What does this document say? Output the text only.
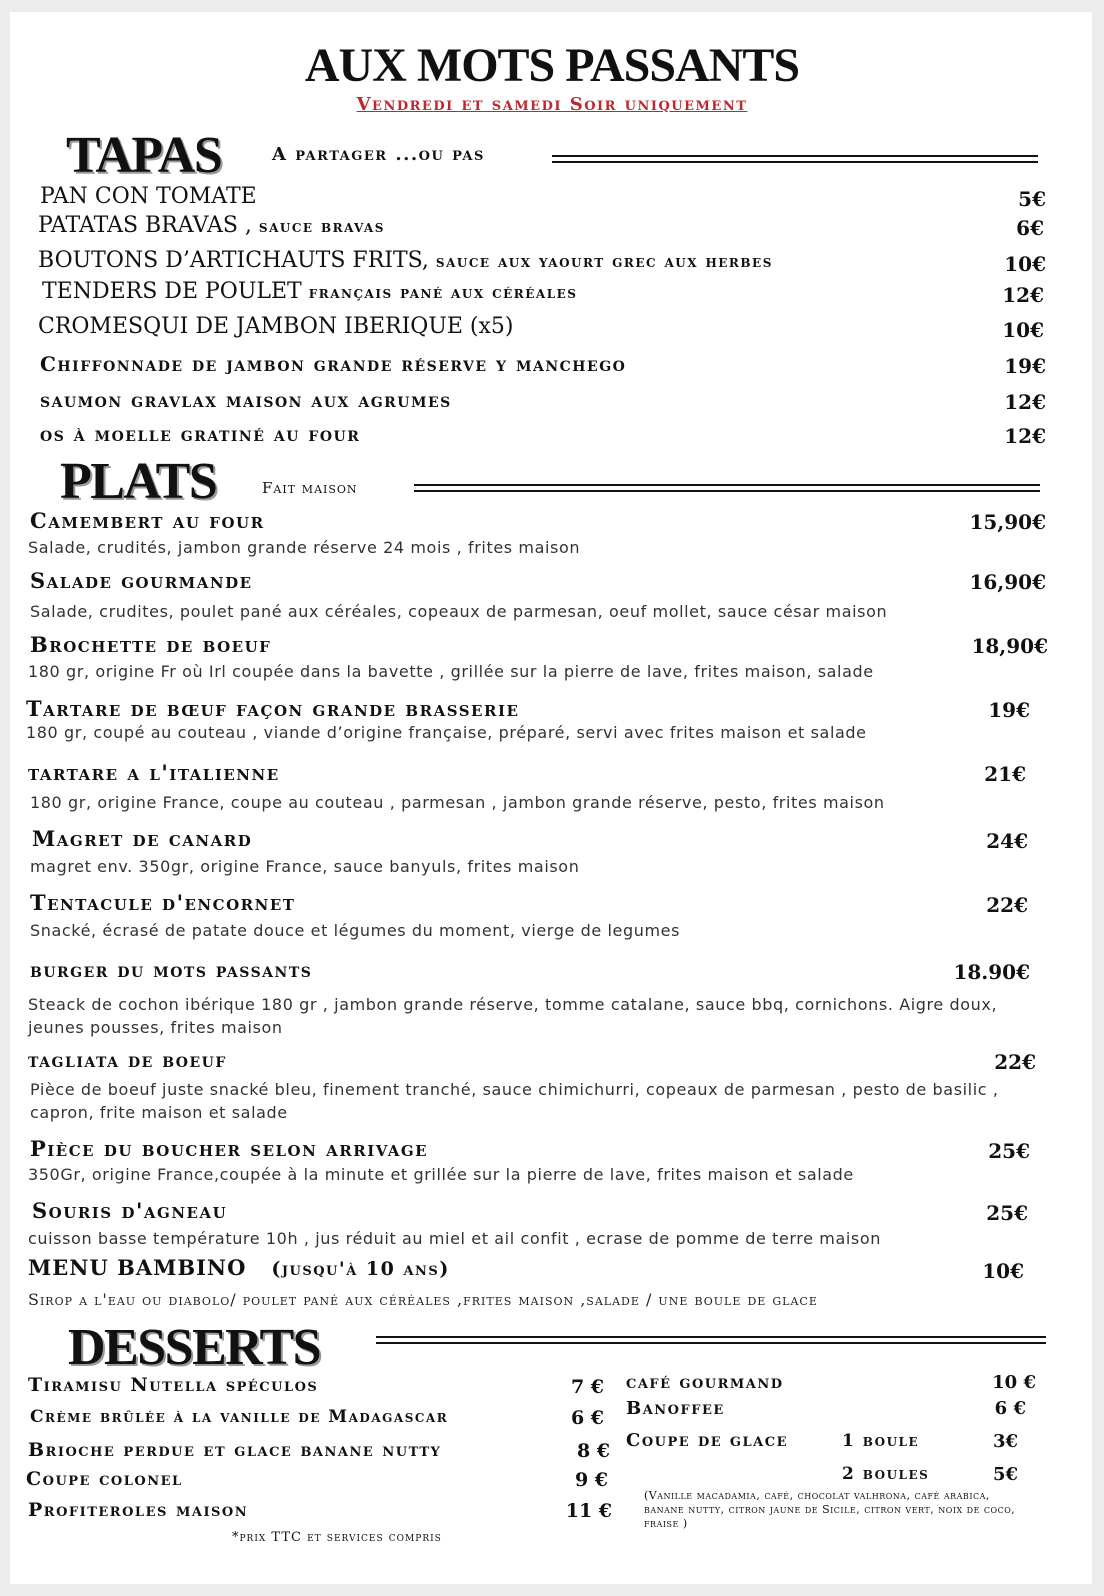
AUX MOTS PASSANTS
Vendredi et samedi Soir uniquement
TAPAS	A partager ...ou pas
PAN CON TOMATE	5€
PATATAS BRAVAS , sauce bravas	6€
BOUTONS D’ARTICHAUTS FRITS, sauce aux yaourt grec aux herbes	10€
TENDERS DE POULET français pané aux céréales	12€
CROMESQUI DE JAMBON IBERIQUE (x5)	10€
Chiffonnade de jambon grande réserve y manchego	19€
saumon gravlax maison aux agrumes	12€
os à moelle gratiné au four	12€
PLATS	Fait maison
Camembert au four	15,90€
Salade, crudités, jambon grande réserve 24 mois , frites maison
Salade gourmande	16,90€
Salade, crudites, poulet pané aux céréales, copeaux de parmesan, oeuf mollet, sauce césar maison
Brochette de boeuf	18,90€
180 gr, origine Fr où Irl coupée dans la bavette , grillée sur la pierre de lave, frites maison, salade
Tartare de bœuf façon grande brasserie	19€
180 gr, coupé au couteau , viande d’origine française, préparé, servi avec frites maison et salade
tartare a l'italienne	21€
180 gr, origine France, coupe au couteau , parmesan , jambon grande réserve, pesto, frites maison
Magret de canard	24€
magret env. 350gr, origine France, sauce banyuls, frites maison
Tentacule d'encornet	22€
Snacké, écrasé de patate douce et légumes du moment, vierge de legumes
burger du mots passants	18.90€
Steack de cochon ibérique 180 gr , jambon grande réserve, tomme catalane, sauce bbq, cornichons. Aigre doux, jeunes pousses, frites maison
tagliata de boeuf	22€
Pièce de boeuf juste snacké bleu, finement tranché, sauce chimichurri, copeaux de parmesan , pesto de basilic , capron, frite maison et salade
Pièce du boucher selon arrivage	25€
350Gr, origine France,coupée à la minute et grillée sur la pierre de lave, frites maison et salade
Souris d'agneau	25€
cuisson basse température 10h , jus réduit au miel et ail confit , ecrase de pomme de terre maison
MENU BAMBINO (jusqu'à 10 ans)	10€
Sirop a l'eau ou diabolo/ poulet pané aux céréales ,frites maison ,salade / une boule de glace
DESSERTS
Tiramisu Nutella spéculos	7 €
Crème brûlée à la vanille de Madagascar	6 €
Brioche perdue et glace banane nutty	8 €
Coupe colonel	9 €
Profiteroles maison	11 €
café gourmand	10 €
Banoffee	6 €
Coupe de glace	1 boule	3€
2 boules	5€
(Vanille macadamia, café, chocolat valhrona, café arabica, banane nutty, citron jaune de Sicile, citron vert, noix de coco, fraise )
*prix TTC et services compris
